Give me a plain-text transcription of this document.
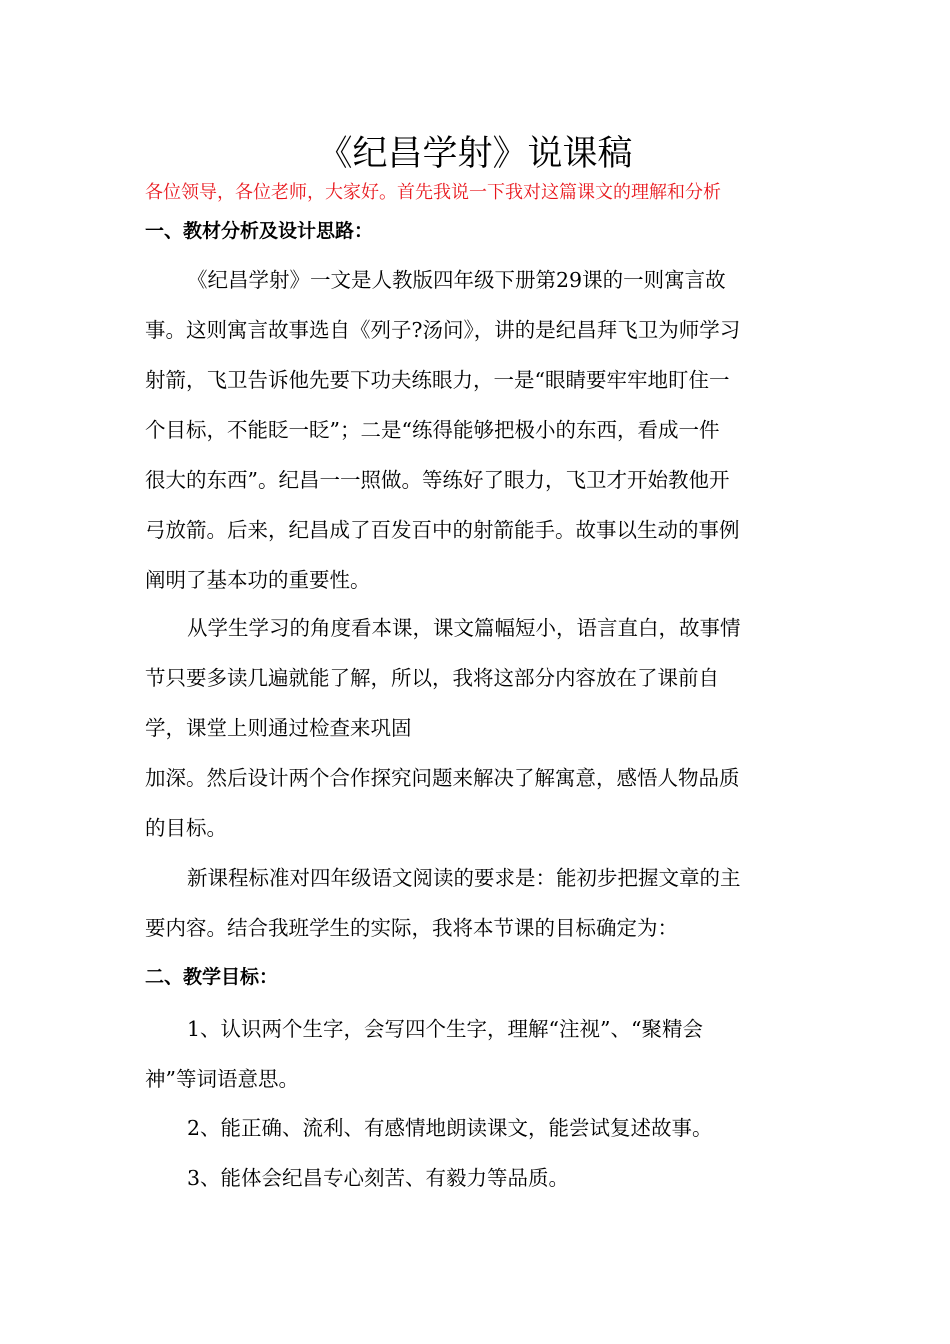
《纪昌学射》说课稿

各位领导，各位老师，大家好。首先我说一下我对这篇课文的理解和分析

一、教材分析及设计思路：
《纪昌学射》一文是人教版四年级下册第29课的一则寓言故
事。这则寓言故事选自《列子?汤问》，讲的是纪昌拜飞卫为师学习
射箭，飞卫告诉他先要下功夫练眼力，一是“眼睛要牢牢地盯住一
个目标，不能眨一眨”；二是“练得能够把极小的东西，看成一件
很大的东西”。纪昌一一照做。等练好了眼力，飞卫才开始教他开
弓放箭。后来，纪昌成了百发百中的射箭能手。故事以生动的事例
阐明了基本功的重要性。
从学生学习的角度看本课，课文篇幅短小，语言直白，故事情
节只要多读几遍就能了解，所以，我将这部分内容放在了课前自
学，课堂上则通过检查来巩固
加深。然后设计两个合作探究问题来解决了解寓意，感悟人物品质
的目标。
新课程标准对四年级语文阅读的要求是：能初步把握文章的主
要内容。结合我班学生的实际，我将本节课的目标确定为：
二、教学目标：
1、认识两个生字，会写四个生字，理解“注视”、“聚精会
神”等词语意思。
2、能正确、流利、有感情地朗读课文，能尝试复述故事。
3、能体会纪昌专心刻苦、有毅力等品质。
